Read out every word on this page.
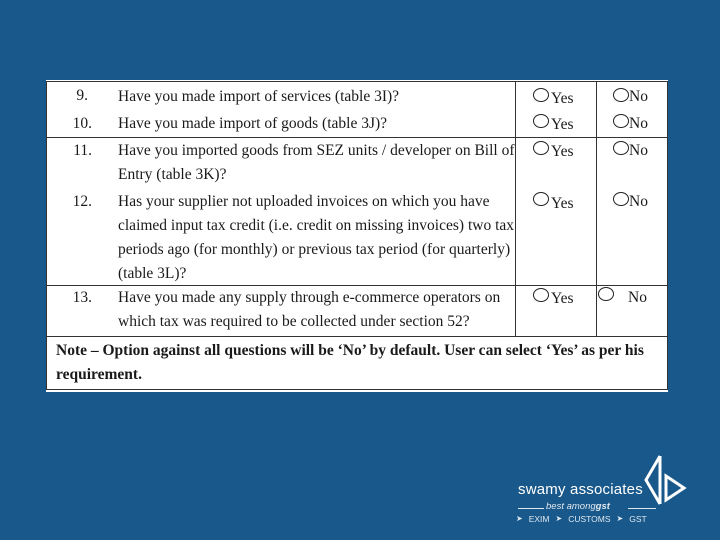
9. Have you made import of services (table 3I)?	Yes	No
10. Have you made import of goods (table 3J)?	Yes	No
11. Have you imported goods from SEZ units / developer on Bill of
Entry (table 3K)?
Yes	No
12. Has your supplier not uploaded invoices on which you have
claimed input tax credit (i.e. credit on missing invoices) two tax
periods ago (for monthly) or previous tax period (for quarterly)
(table 3L)?
Yes	No
13. Have you made any supply through e-commerce operators on
which tax was required to be collected under section 52?
Yes	No
Note – Option against all questions will be ‘No’ by default. User can select ‘Yes’ as per his
requirement.
swamy associates
best amonggst
➤ EXIM ➤ CUSTOMS ➤ GST
